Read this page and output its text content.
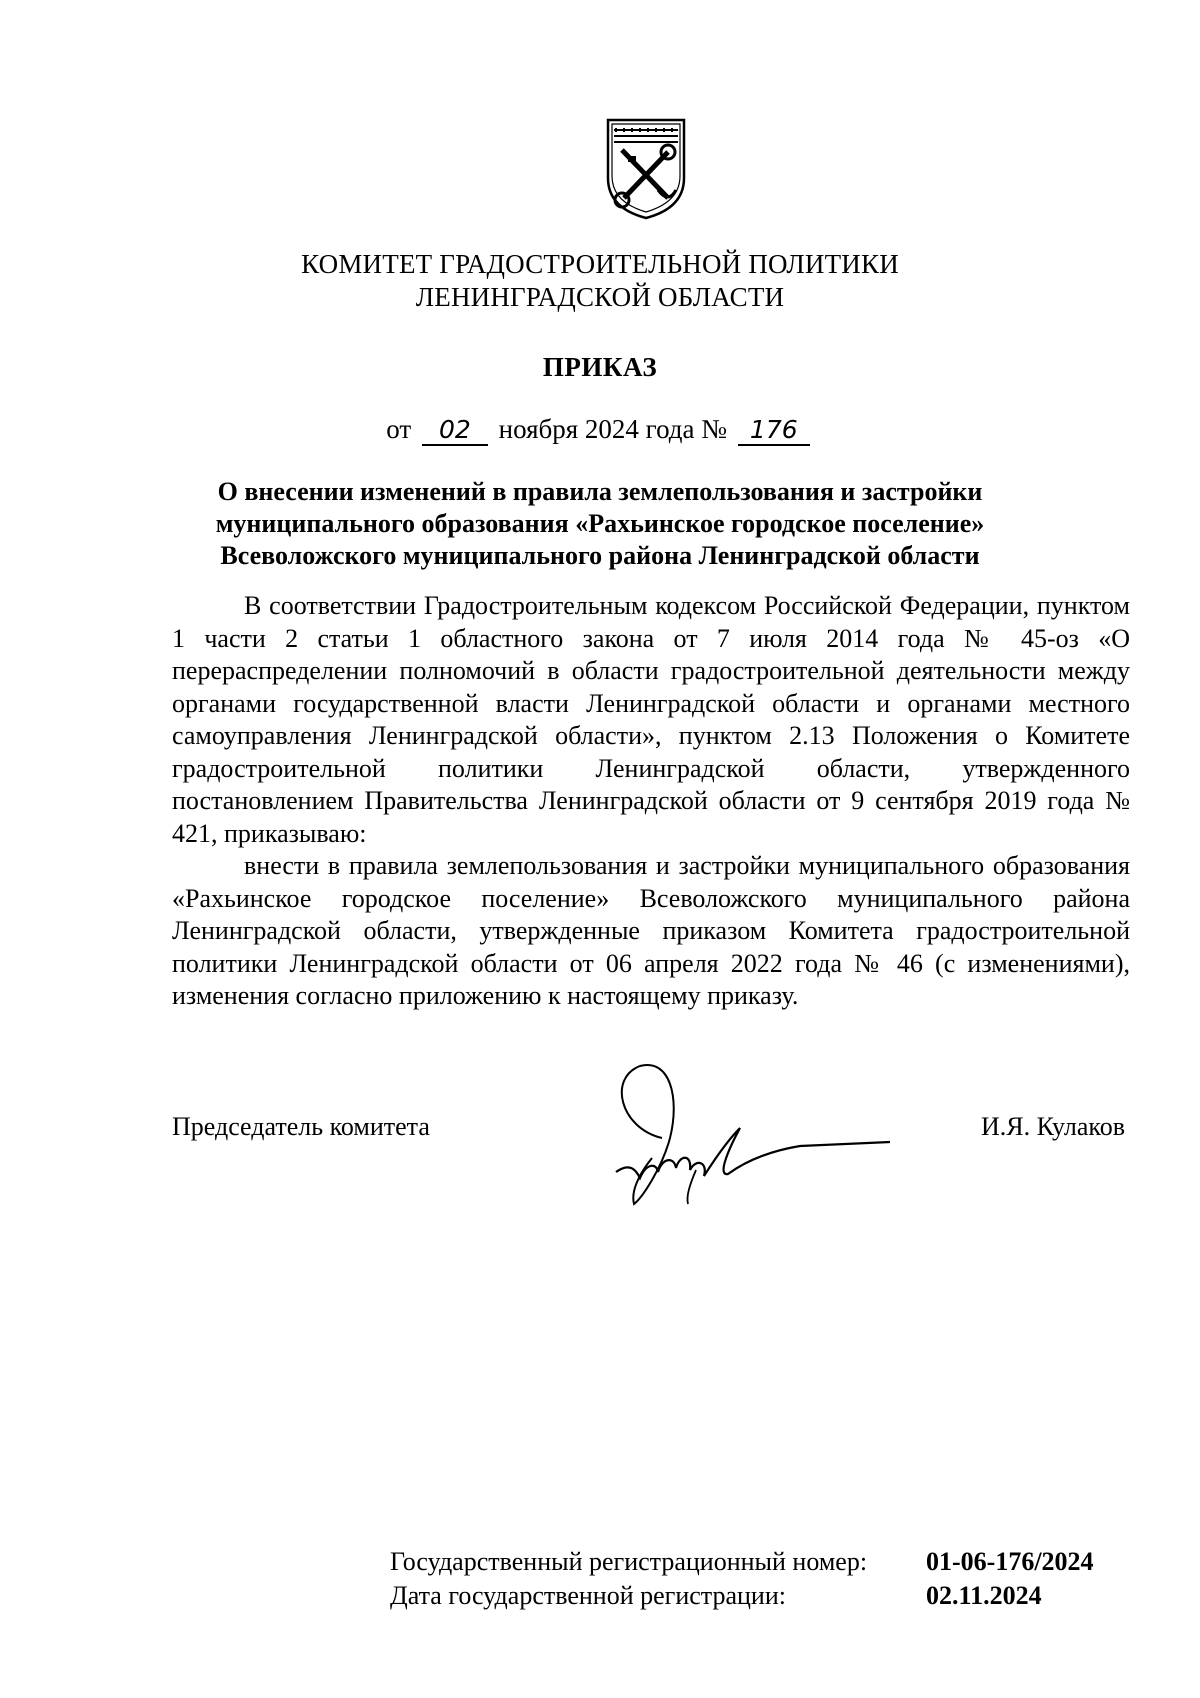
КОМИТЕТ ГРАДОСТРОИТЕЛЬНОЙ ПОЛИТИКИ
ЛЕНИНГРАДСКОЙ ОБЛАСТИ
ПРИКАЗ
от 02 ноября 2024 года № 176
О внесении изменений в правила землепользования и застройки
муниципального образования «Рахьинское городское поселение»
Всеволожского муниципального района Ленинградской области

В соответствии Градостроительным кодексом Российской Федерации, пунктом 1 части 2 статьи 1 областного закона от 7 июля 2014 года № 45-оз «О перераспределении полномочий в области градостроительной деятельности между органами государственной власти Ленинградской области и органами местного самоуправления Ленинградской области», пунктом 2.13 Положения о Комитете градостроительной политики Ленинградской области, утвержденного постановлением Правительства Ленинградской области от 9 сентября 2019 года № 421, приказываю:

внести в правила землепользования и застройки муниципального образования «Рахьинское городское поселение» Всеволожского муниципального района Ленинградской области, утвержденные приказом Комитета градостроительной политики Ленинградской области от 06 апреля 2022 года № 46 (с изменениями), изменения согласно приложению к настоящему приказу.

Председатель комитета	И.Я. Кулаков
Государственный регистрационный номер:	01-06-176/2024
Дата государственной регистрации:	02.11.2024
